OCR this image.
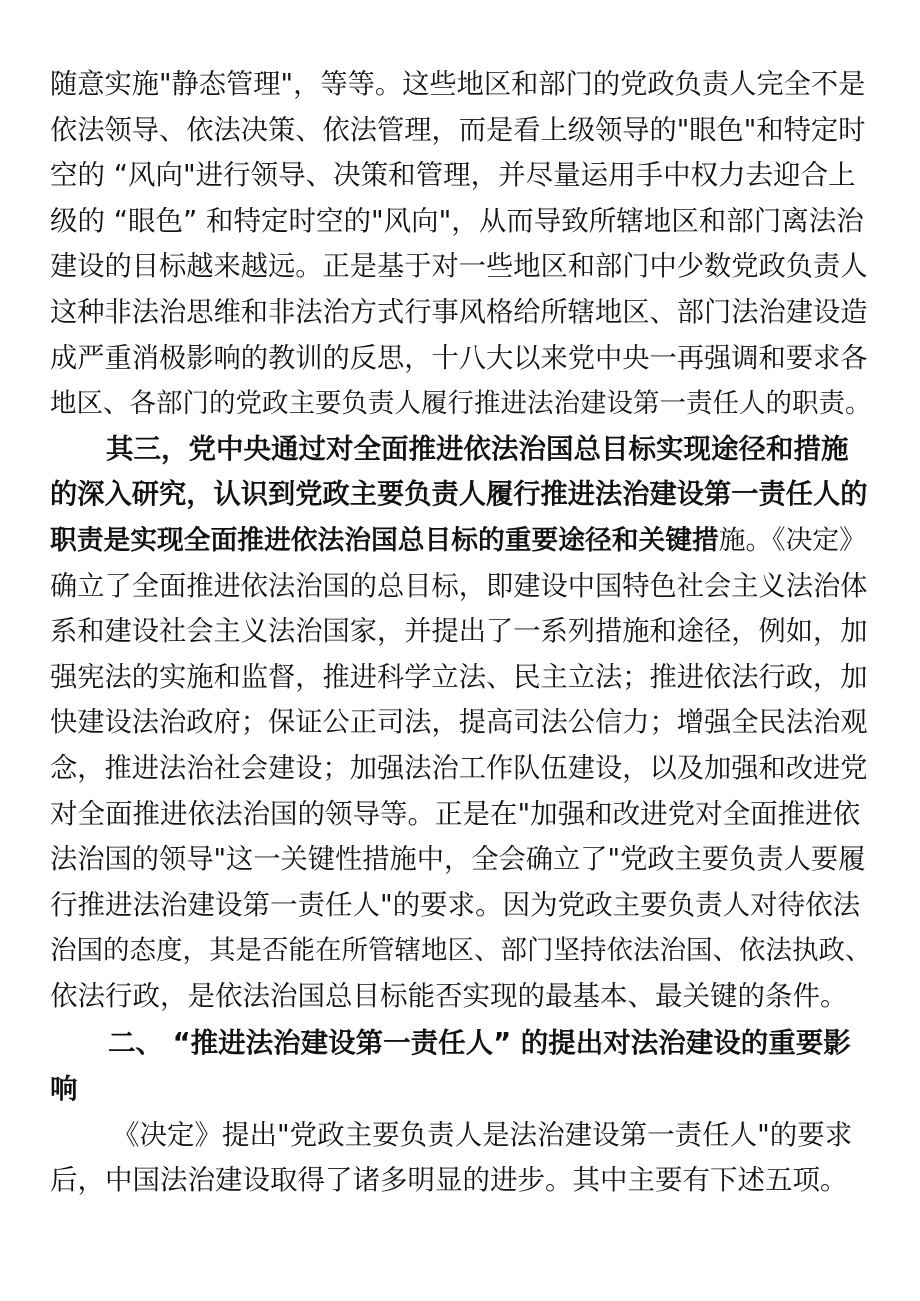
随意实施"静态管理"，等等。这些地区和部门的党政负责人完全不是
依法领导、依法决策、依法管理，而是看上级领导的"眼色"和特定时
空的 “风向"进行领导、决策和管理，并尽量运用手中权力去迎合上
级的 “眼色” 和特定时空的"风向"，从而导致所辖地区和部门离法治
建设的目标越来越远。正是基于对一些地区和部门中少数党政负责人
这种非法治思维和非法治方式行事风格给所辖地区、部门法治建设造
成严重消极影响的教训的反思，十八大以来党中央一再强调和要求各
地区、各部门的党政主要负责人履行推进法治建设第一责任人的职责。
其三，党中央通过对全面推进依法治国总目标实现途径和措施
的深入研究，认识到党政主要负责人履行推进法治建设第一责任人的
职责是实现全面推进依法治国总目标的重要途径和关键措施。《决定》
确立了全面推进依法治国的总目标，即建设中国特色社会主义法治体
系和建设社会主义法治国家，并提出了一系列措施和途径，例如，加
强宪法的实施和监督，推进科学立法、民主立法；推进依法行政，加
快建设法治政府；保证公正司法，提高司法公信力；增强全民法治观
念，推进法治社会建设；加强法治工作队伍建设，以及加强和改进党
对全面推进依法治国的领导等。正是在"加强和改进党对全面推进依
法治国的领导"这一关键性措施中，全会确立了"党政主要负责人要履
行推进法治建设第一责任人"的要求。因为党政主要负责人对待依法
治国的态度，其是否能在所管辖地区、部门坚持依法治国、依法执政、
依法行政，是依法治国总目标能否实现的最基本、最关键的条件。
二、 “推进法治建设第一责任人” 的提出对法治建设的重要影
响
《决定》提出"党政主要负责人是法治建设第一责任人"的要求
后，中国法治建设取得了诸多明显的进步。其中主要有下述五项。
